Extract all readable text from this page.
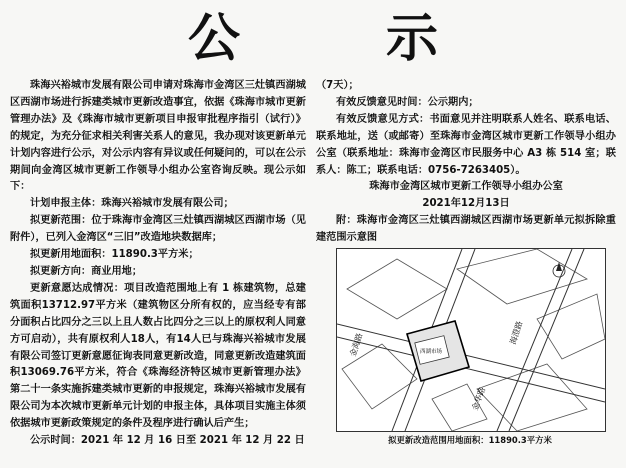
公 示

珠海兴裕城市发展有限公司申请对珠海市金湾区三灶镇西湖城区西湖市场进行拆建类城市更新改造事宜，依据《珠海市城市更新管理办法》及《珠海市城市更新项目申报审批程序指引（试行）》的规定，为充分征求相关利害关系人的意见，我办现对该更新单元计划内容进行公示，对公示内容有异议或任何疑问的，可以在公示期间向金湾区城市更新工作领导小组办公室咨询反映。现公示如下：

计划申报主体：珠海兴裕城市发展有限公司；

拟更新范围：位于珠海市金湾区三灶镇西湖城区西湖市场（见附件），已列入金湾区“三旧”改造地块数据库；

拟更新用地面积：11890.3平方米；

拟更新方向：商业用地；

更新意愿达成情况：项目改造范围地上有 1 栋建筑物，总建筑面积13712.97平方米（建筑物区分所有权的，应当经专有部分面积占比四分之三以上且人数占比四分之三以上的原权利人同意方可启动），共有原权利人18人，有14人已与珠海兴裕城市发展有限公司签订更新意愿征询表同意更新改造，同意更新改造建筑面积13069.76平方米，符合《珠海经济特区城市更新管理办法》第二十一条实施拆建类城市更新的申报规定，珠海兴裕城市发展有限公司为本次城市更新单元计划的申报主体，具体项目实施主体须依据城市更新政策规定的条件及程序进行确认后产生；

公示时间：2021 年 12 月 16 日至 2021 年 12 月 22 日

（7天）；

有效反馈意见时间：公示期内；

有效反馈意见方式：书面意见并注明联系人姓名、联系电话、联系地址，送（或邮寄）至珠海市金湾区城市更新工作领导小组办公室（联系地址：珠海市金湾区市民服务中心 A3 栋 514 室；联系人：陈工；联系电话：0756-7263405）。

珠海市金湾区城市更新工作领导小组办公室

2021年12月13日

附：珠海市金湾区三灶镇西湖城区西湖市场更新单元拟拆除重建范围示意图

金海路	海澄路
金华路
西湖市场
拟更新改造范围用地面积：11890.3平方米
